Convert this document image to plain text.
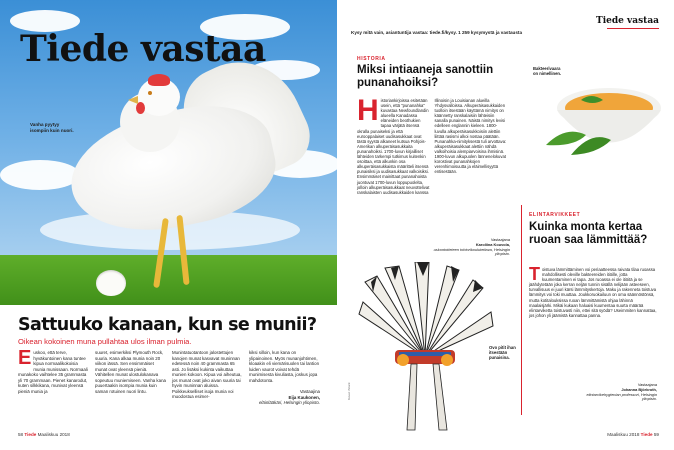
Tiede vastaa
Vanha pyytyy isompiin kuin nuori.
Sattuuko kanaan, kun se munii?
Oikean kokoinen muna pullahtaa ulos ilman pulmia.
E uskoo, että terve, hyväkuntoinen kana tuntee kipua normaalikokoisia munia munissaan. Normaali munakoko vaihtelee 35 grammasta yli 70 grammaan. Pienet kanarodut, kuten silkkikana, munivat yleensä pieniä munia ja
suuret, esimerkiksi Plymouth Rock, suuria. Kana alkaa munia noin 20 viikon iässä. Sen ensimmäiset munat ovat yleensä pieniä. Vähitellen munat ulostulokanava sopeutuu muniemiseen. Vanha kana puuertaakin isompia munia kuin saman rotuinen nuori lintu.
Munintatuotantoon jalostettujen kanojen munat kasvavat muninnan edetessä noin 40 grammasta 65 asti. Jo lisäksi kukinta vaikuttaa munien kokoon. Kipua voi aiheutua, jos munat ovat joko aivan suuria tai hyvin muninnan aluissa. Poikkeukselliset isoja munia voi muodostua esimer-
kiksi silloin, kun kana on ylipainoinen. Myös munanjohtimen, kloaakin eli viemärisuolen tai lantion luiden vaurot voivat tehdä munimisesta kivuliasta, joskus jopa mahdotonta.
Vastaajina
Eija Kaukonen,
eläinlääkäri, Helsingin yliopisto.
58 Tiede Maaliskuu 2018
Tiede vastaa
Kysy mitä vain, asiantuntija vastaa: tiede.fi/kysy. 1 259 kysymystä ja vastausta
HISTORIA
Miksi intiaaneja sanottiin punanahoiksi?
H istoriankirjoissa esitetään usein, että "punanahka" kuvastaa Newfoundlandin alueella Kanadassa eläneiden beothukien tapaa värjätä itsensä okralla punaiseksi ja että eurooppalaiset uudisasukkaat ovat tästä syystä alkaneet kutsua Pohjois-Amerikan alkuperäisasukkaita punanahoiksi. 1700-luvun kirjailliset lähteiden tarkempi tutkimus kuitenkin osoittaa, että alkunkin osa alkuperäisasukkaista määritteli itsensä punaisiksi ja uudisasukkaat valkoisiksi. Ensimmäiset mainittaat punanahoista juontuvat 1700-luvun loppupuolelta, jolloin alkuperäisasukkaat neuvottelivat ranskalaisten uudisasukkaiden kanssa
Illinoisin ja Louisianan alueilla Yhdysvalloissa. Alkuperäisasukkaiden tuolloin itsestään käyttämä nimitys on käännetty ranskalaisiin lähteisiin sanalla punainen. Näistä nimitys levisi edelleen englannin kieleen. 1800-luvulla alkuperäisasukkoisiin alettiin liittää rasismi alkoi nostaa päätään. Punanahka-nimityksestä tuli arvottava: alkuperäisasukkaat alettiin nähdä valkoihoisia alempiarvoisina ihmisinä. 1900-luvun alkupuolen lännenelokuvat korostivat punanahkojen verenhimoisuutta ja eläimellisyyttä entisestään.
Vastaajana
Karoliina Kouvola,
uskontotieteen tohtorikoulutettava, Helsingin yliopisto.
Bakteerivaara on nimellinen.
ELINTARVIKKEET
Kuinka monta kertaa ruoan saa lämmittää?
T oistuva lämmittäminen voi periaatteessa raivata tilaa ruoassa mahdollisesti oleville bakteereiden itiöille, jotta kuumentaminen ei tapa. Jos ruoassa ei ole itiöitä ja se jäähdytetään joka kerran neljän tunnin sisällä nelijään asteeseen, turvallisuus ei juuri kärsi lämmityskertoja. Maku ja rakenneta toistuva lämmitys voi toki muuttaa. Joukkoruokailuun on oma säännöstönsä, mutta kotitalouksissa ruoan lämmittämistä ohjaa lähinnä maalaisjärki. Mikäi kukaan haluaisi kuumentaa suurta määrää elintarviketta toistuvasti niin, ettei sitä syödä? Useimmiten kannattaa, jos johon yli jäämistä kannattaa panna.
Vastaajana
Johanna Björkroth,
elintarvikehygienian professori, Helsingin yliopisto.
Ovo pitit ihan itsestään punaisina.
Kuvat: iStock
Maaliskuu 2018 Tiede 59
